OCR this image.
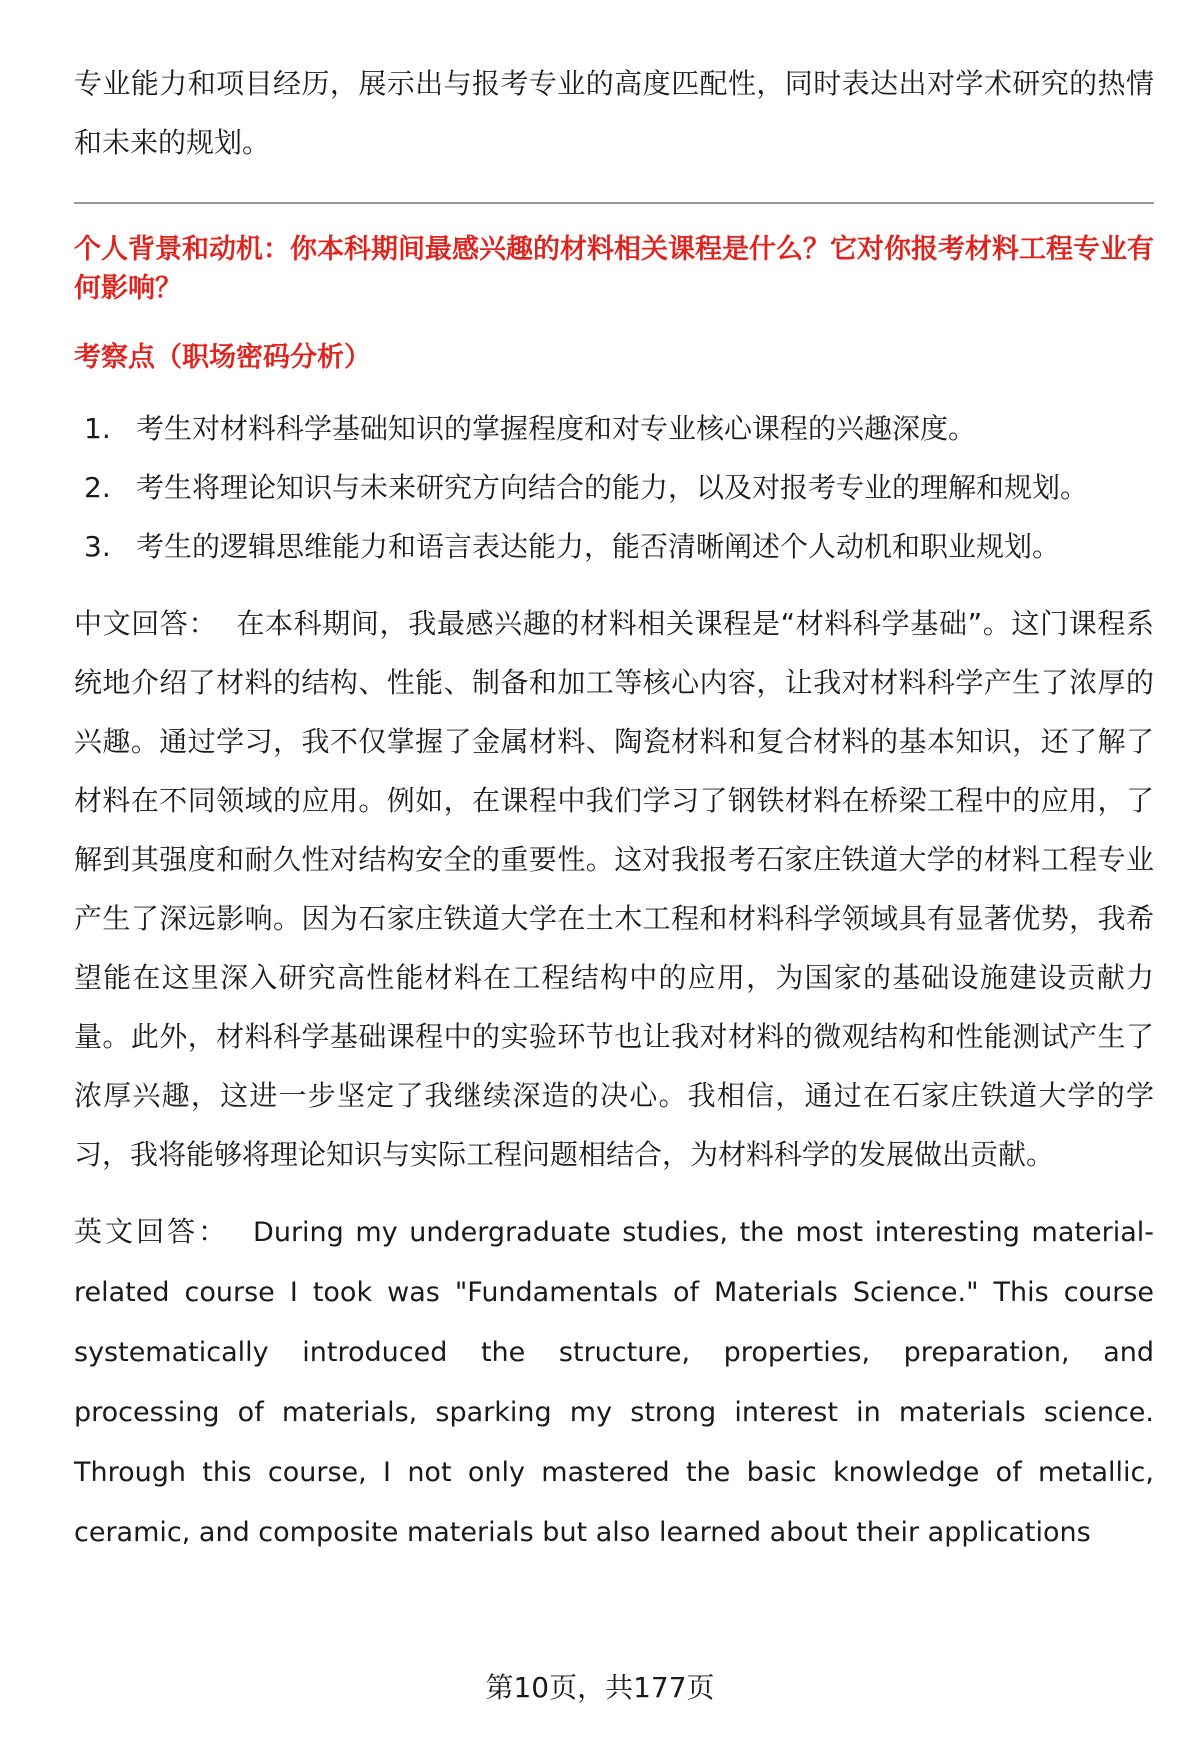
专业能力和项目经历，展示出与报考专业的高度匹配性，同时表达出对学术研究的热情和未来的规划。

个人背景和动机：你本科期间最感兴趣的材料相关课程是什么？它对你报考材料工程专业有何影响？

考察点（职场密码分析）

1. 考生对材料科学基础知识的掌握程度和对专业核心课程的兴趣深度。
2. 考生将理论知识与未来研究方向结合的能力，以及对报考专业的理解和规划。
3. 考生的逻辑思维能力和语言表达能力，能否清晰阐述个人动机和职业规划。

中文回答： 在本科期间，我最感兴趣的材料相关课程是“材料科学基础”。这门课程系统地介绍了材料的结构、性能、制备和加工等核心内容，让我对材料科学产生了浓厚的兴趣。通过学习，我不仅掌握了金属材料、陶瓷材料和复合材料的基本知识，还了解了材料在不同领域的应用。例如，在课程中我们学习了钢铁材料在桥梁工程中的应用，了解到其强度和耐久性对结构安全的重要性。这对我报考石家庄铁道大学的材料工程专业产生了深远影响。因为石家庄铁道大学在土木工程和材料科学领域具有显著优势，我希望能在这里深入研究高性能材料在工程结构中的应用，为国家的基础设施建设贡献力量。此外，材料科学基础课程中的实验环节也让我对材料的微观结构和性能测试产生了浓厚兴趣，这进一步坚定了我继续深造的决心。我相信，通过在石家庄铁道大学的学习，我将能够将理论知识与实际工程问题相结合，为材料科学的发展做出贡献。

英文回答： During my undergraduate studies, the most interesting material-related course I took was "Fundamentals of Materials Science." This course systematically introduced the structure, properties, preparation, and processing of materials, sparking my strong interest in materials science. Through this course, I not only mastered the basic knowledge of metallic, ceramic, and composite materials but also learned about their applications

第10页，共177页
